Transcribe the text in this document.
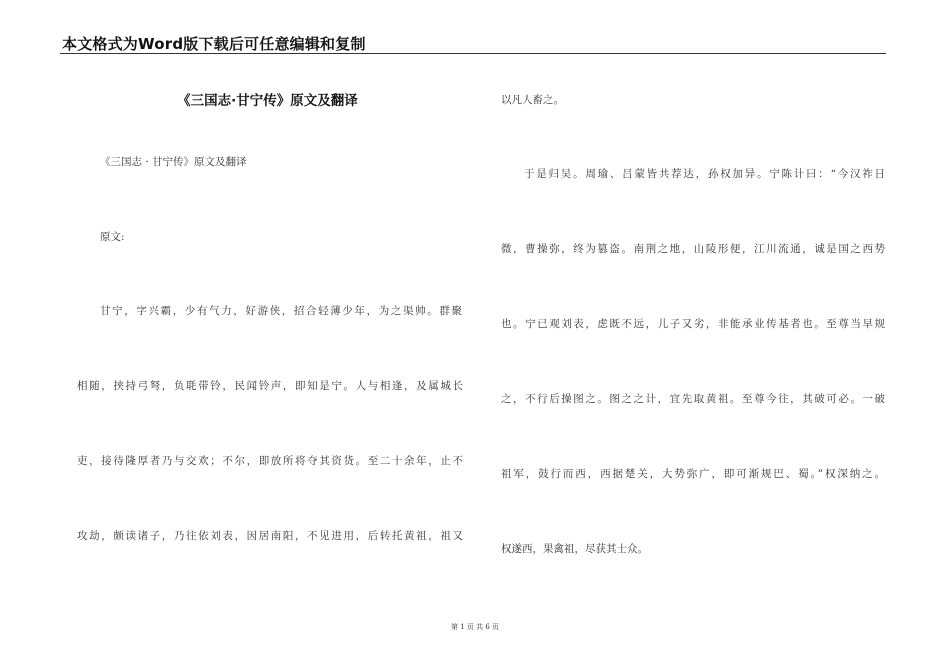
本文格式为Word版下载后可任意编辑和复制
《三国志·甘宁传》原文及翻译
《三国志 · 甘宁传》原文及翻译
原文:
甘宁，字兴霸，少有气力，好游侠，招合轻薄少年，为之渠帅。群聚
相随，挟持弓弩，负毦带铃，民闻铃声，即知是宁。人与相逢，及属城长
吏，接待隆厚者乃与交欢；不尔，即放所将夺其资货。至二十余年，止不
攻劫，颇读诸子，乃往依刘表，因居南阳，不见进用，后转托黄祖，祖又
以凡人畜之。
于是归吴。周瑜、吕蒙皆共荐达，孙权加异。宁陈计曰：“今汉祚日
微，曹操弥，终为篡盗。南荆之地，山陵形便，江川流通，诚是国之西势
也。宁已观刘表，虑既不远，儿子又劣，非能承业传基者也。至尊当早规
之，不行后操图之。图之之计，宜先取黄祖。至尊今往，其破可必。一破
祖军，鼓行而西，西据楚关，大势弥广，即可渐规巴、蜀。”权深纳之。
权遂西，果禽祖，尽获其士众。
第 1 页 共 6 页
